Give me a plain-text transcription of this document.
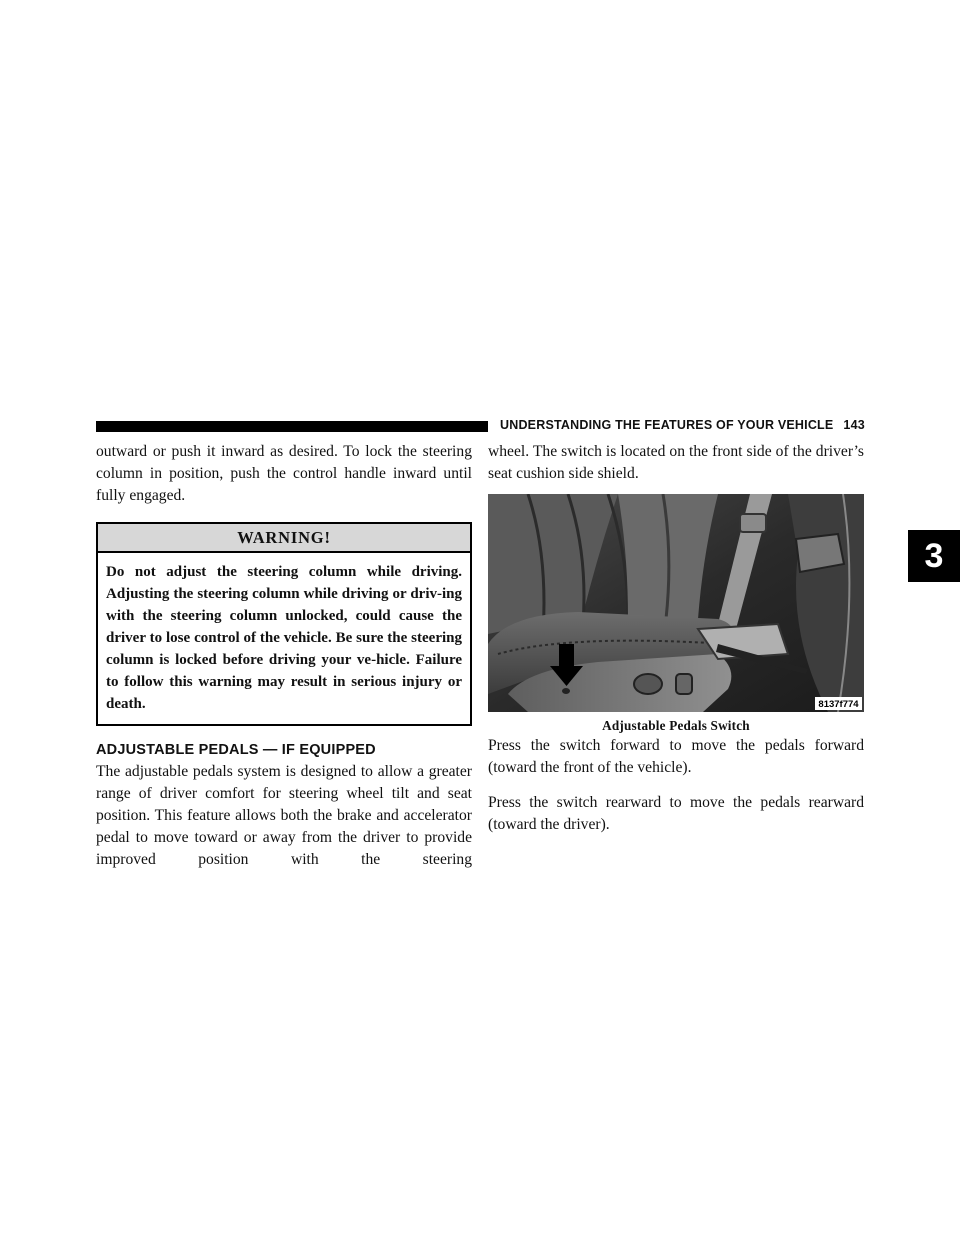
UNDERSTANDING THE FEATURES OF YOUR VEHICLE 143
3

outward or push it inward as desired. To lock the steering column in position, push the control handle inward until fully engaged.

WARNING!
Do not adjust the steering column while driving. Adjusting the steering column while driving or driv-ing with the steering column unlocked, could cause the driver to lose control of the vehicle. Be sure the steering column is locked before driving your ve-hicle. Failure to follow this warning may result in serious injury or death.
ADJUSTABLE PEDALS — IF EQUIPPED

The adjustable pedals system is designed to allow a greater range of driver comfort for steering wheel tilt and seat position. This feature allows both the brake and accelerator pedal to move toward or away from the driver to provide improved position with the steering

wheel. The switch is located on the front side of the driver’s seat cushion side shield.

8137f774
Adjustable Pedals Switch

Press the switch forward to move the pedals forward (toward the front of the vehicle).

Press the switch rearward to move the pedals rearward (toward the driver).
